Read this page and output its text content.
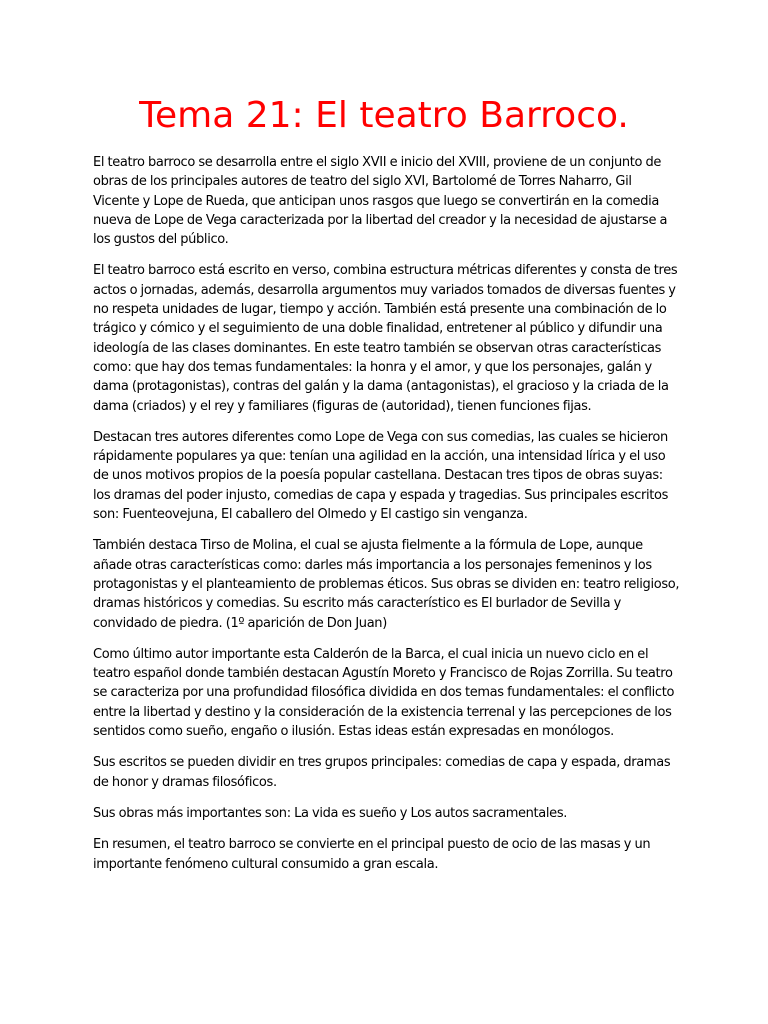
Tema 21: El teatro Barroco.

El teatro barroco se desarrolla entre el siglo XVII e inicio del XVIII, proviene de un conjunto de obras de los principales autores de teatro del siglo XVI, Bartolomé de Torres Naharro, Gil Vicente y Lope de Rueda, que anticipan unos rasgos que luego se convertirán en la comedia nueva de Lope de Vega caracterizada por la libertad del creador y la necesidad de ajustarse a los gustos del público.

El teatro barroco está escrito en verso, combina estructura métricas diferentes y consta de tres actos o jornadas, además, desarrolla argumentos muy variados tomados de diversas fuentes y no respeta unidades de lugar, tiempo y acción. También está presente una combinación de lo trágico y cómico y el seguimiento de una doble finalidad, entretener al público y difundir una ideología de las clases dominantes. En este teatro también se observan otras características como: que hay dos temas fundamentales: la honra y el amor, y que los personajes, galán y dama (protagonistas), contras del galán y la dama (antagonistas), el gracioso y la criada de la dama (criados) y el rey y familiares (figuras de (autoridad), tienen funciones fijas.

Destacan tres autores diferentes como Lope de Vega con sus comedias, las cuales se hicieron rápidamente populares ya que: tenían una agilidad en la acción, una intensidad lírica y el uso de unos motivos propios de la poesía popular castellana. Destacan tres tipos de obras suyas: los dramas del poder injusto, comedias de capa y espada y tragedias. Sus principales escritos son: Fuenteovejuna, El caballero del Olmedo y El castigo sin venganza.

También destaca Tirso de Molina, el cual se ajusta fielmente a la fórmula de Lope, aunque añade otras características como: darles más importancia a los personajes femeninos y los protagonistas y el planteamiento de problemas éticos. Sus obras se dividen en: teatro religioso, dramas históricos y comedias. Su escrito más característico es El burlador de Sevilla y convidado de piedra. (1º aparición de Don Juan)

Como último autor importante esta Calderón de la Barca, el cual inicia un nuevo ciclo en el teatro español donde también destacan Agustín Moreto y Francisco de Rojas Zorrilla. Su teatro se caracteriza por una profundidad filosófica dividida en dos temas fundamentales: el conflicto entre la libertad y destino y la consideración de la existencia terrenal y las percepciones de los sentidos como sueño, engaño o ilusión. Estas ideas están expresadas en monólogos.

Sus escritos se pueden dividir en tres grupos principales: comedias de capa y espada, dramas de honor y dramas filosóficos.

Sus obras más importantes son: La vida es sueño y Los autos sacramentales.

En resumen, el teatro barroco se convierte en el principal puesto de ocio de las masas y un importante fenómeno cultural consumido a gran escala.
